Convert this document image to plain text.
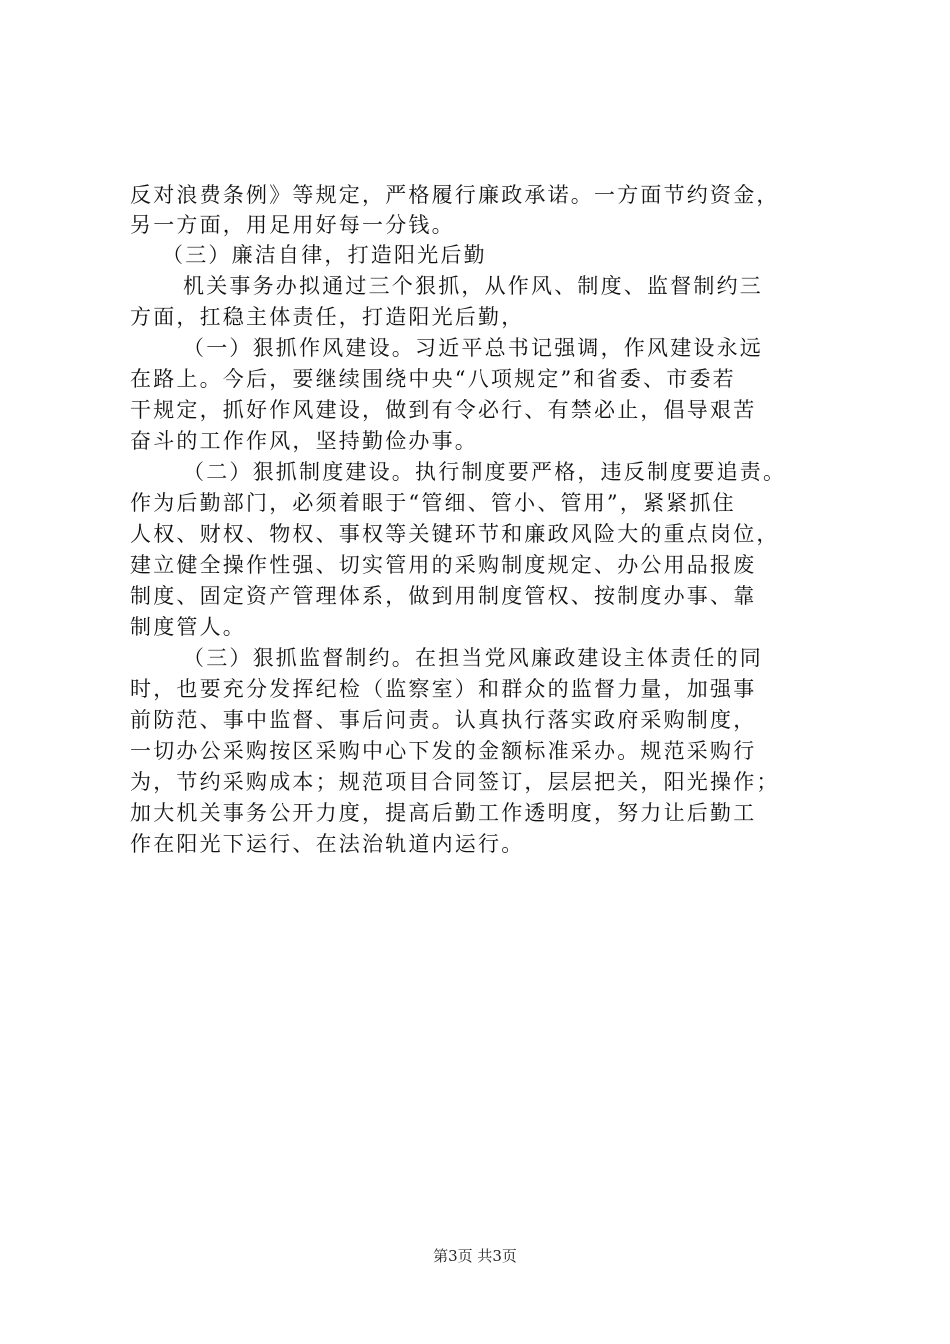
反对浪费条例》等规定，严格履行廉政承诺。一方面节约资金，
另一方面，用足用好每一分钱。
（三）廉洁自律，打造阳光后勤
机关事务办拟通过三个狠抓，从作风、制度、监督制约三
方面，扛稳主体责任，打造阳光后勤，
（一）狠抓作风建设。习近平总书记强调，作风建设永远
在路上。今后，要继续围绕中央“八项规定”和省委、市委若
干规定，抓好作风建设，做到有令必行、有禁必止，倡导艰苦
奋斗的工作作风，坚持勤俭办事。
（二）狠抓制度建设。执行制度要严格，违反制度要追责。
作为后勤部门，必须着眼于“管细、管小、管用”，紧紧抓住
人权、财权、物权、事权等关键环节和廉政风险大的重点岗位，
建立健全操作性强、切实管用的采购制度规定、办公用品报废
制度、固定资产管理体系，做到用制度管权、按制度办事、靠
制度管人。
（三）狠抓监督制约。在担当党风廉政建设主体责任的同
时，也要充分发挥纪检（监察室）和群众的监督力量，加强事
前防范、事中监督、事后问责。认真执行落实政府采购制度，
一切办公采购按区采购中心下发的金额标准采办。规范采购行
为，节约采购成本；规范项目合同签订，层层把关，阳光操作；
加大机关事务公开力度，提高后勤工作透明度，努力让后勤工
作在阳光下运行、在法治轨道内运行。
第3页 共3页
